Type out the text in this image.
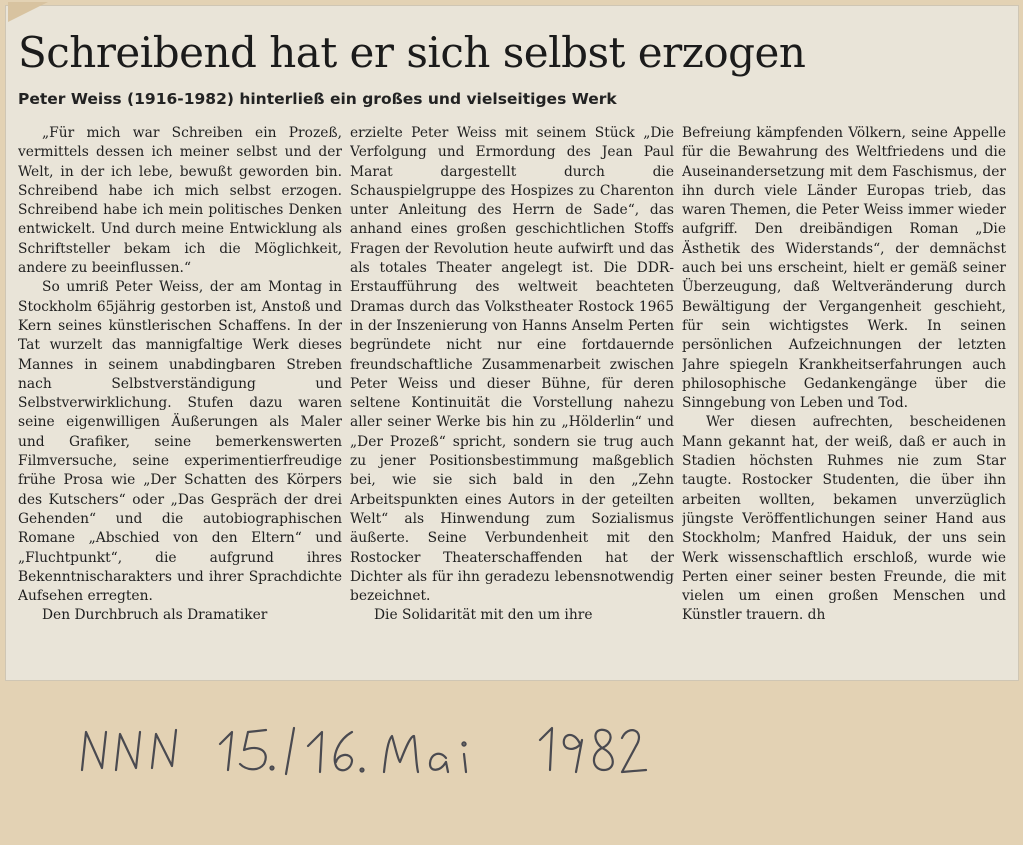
Schreibend hat er sich selbst erzogen
Peter Weiss (1916-1982) hinterließ ein großes und vielseitiges Werk

„Für mich war Schreiben ein Prozeß, vermittels dessen ich meiner selbst und der Welt, in der ich lebe, bewußt geworden bin. Schreibend habe ich mich selbst erzogen. Schreibend habe ich mein politisches Denken entwickelt. Und durch meine Entwicklung als Schriftsteller bekam ich die Möglichkeit, andere zu beeinflussen.“

So umriß Peter Weiss, der am Montag in Stockholm 65jährig gestorben ist, Anstoß und Kern seines künstlerischen Schaffens. In der Tat wurzelt das mannigfaltige Werk dieses Mannes in seinem unabdingbaren Streben nach Selbstverständigung und Selbstverwirklichung. Stufen dazu waren seine eigenwilligen Äußerungen als Maler und Grafiker, seine bemerkenswerten Filmversuche, seine experimentierfreudige frühe Prosa wie „Der Schatten des Körpers des Kutschers“ oder „Das Gespräch der drei Gehenden“ und die autobiographischen Romane „Abschied von den Eltern“ und „Fluchtpunkt“, die aufgrund ihres Bekenntnischarakters und ihrer Sprachdichte Aufsehen erregten.

Den Durchbruch als Dramatiker

erzielte Peter Weiss mit seinem Stück „Die Verfolgung und Ermordung des Jean Paul Marat dargestellt durch die Schauspielgruppe des Hospizes zu Charenton unter Anleitung des Herrn de Sade“, das anhand eines großen geschichtlichen Stoffs Fragen der Revolution heute aufwirft und das als totales Theater angelegt ist. Die DDR-Erstaufführung des weltweit beachteten Dramas durch das Volkstheater Rostock 1965 in der Inszenierung von Hanns Anselm Perten begründete nicht nur eine fortdauernde freundschaftliche Zusammenarbeit zwischen Peter Weiss und dieser Bühne, für deren seltene Kontinuität die Vorstellung nahezu aller seiner Werke bis hin zu „Hölderlin“ und „Der Prozeß“ spricht, sondern sie trug auch zu jener Positionsbestimmung maßgeblich bei, wie sie sich bald in den „Zehn Arbeitspunkten eines Autors in der geteilten Welt“ als Hinwendung zum Sozialismus äußerte. Seine Verbundenheit mit den Rostocker Theaterschaffenden hat der Dichter als für ihn geradezu lebensnotwendig bezeichnet.

Die Solidarität mit den um ihre

Befreiung kämpfenden Völkern, seine Appelle für die Bewahrung des Weltfriedens und die Auseinandersetzung mit dem Faschismus, der ihn durch viele Länder Europas trieb, das waren Themen, die Peter Weiss immer wieder aufgriff. Den dreibändigen Roman „Die Ästhetik des Widerstands“, der demnächst auch bei uns erscheint, hielt er gemäß seiner Überzeugung, daß Weltveränderung durch Bewältigung der Vergangenheit geschieht, für sein wichtigstes Werk. In seinen persönlichen Aufzeichnungen der letzten Jahre spiegeln Krankheitserfahrungen auch philosophische Gedankengänge über die Sinngebung von Leben und Tod.

Wer diesen aufrechten, bescheidenen Mann gekannt hat, der weiß, daß er auch in Stadien höchsten Ruhmes nie zum Star taugte. Rostocker Studenten, die über ihn arbeiten wollten, bekamen unverzüglich jüngste Veröffentlichungen seiner Hand aus Stockholm; Manfred Haiduk, der uns sein Werk wissenschaftlich erschloß, wurde wie Perten einer seiner besten Freunde, die mit vielen um einen großen Menschen und Künstler trauern. dh
